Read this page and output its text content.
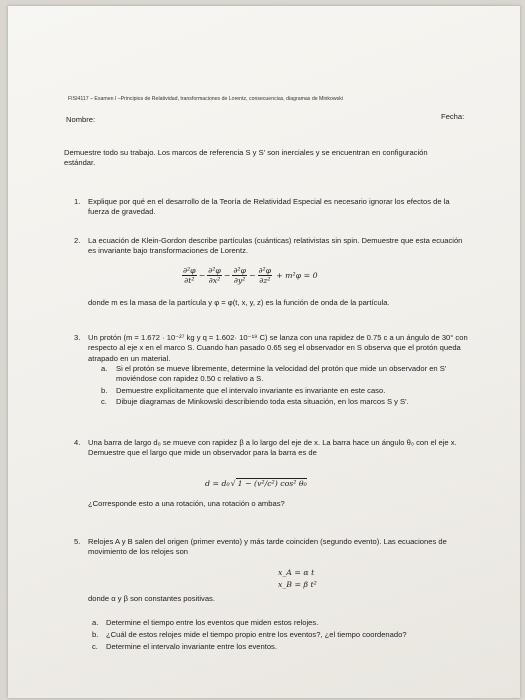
FISI4117 – Examen I –Principios de Relatividad, transformaciones de Lorentz, consecuencias, diagramas de Minkowski
Nombre:	Fecha:
Demuestre todo su trabajo. Los marcos de referencia S y S' son inerciales y se encuentran en configuración estándar.
1. Explique por qué en el desarrollo de la Teoría de Relatividad Especial es necesario ignorar los efectos de la fuerza de gravedad.
2. La ecuación de Klein-Gordon describe partículas (cuánticas) relativistas sin spin. Demuestre que esta ecuación es invariante bajo transformaciones de Lorentz.
$\frac{\text{∂²φ}}{\text{∂t²}} - \frac{\text{∂²φ}}{\text{∂x²}} - \frac{\text{∂²φ}}{\text{∂y²}} - \frac{\text{∂²φ}}{\text{∂z²}} + m^2\varphi = 0$
donde m es la masa de la partícula y φ = φ(t, x, y, z) es la función de onda de la partícula.
3. Un protón (m = 1.672 · 10⁻²⁷ kg y q = 1.602· 10⁻¹⁹ C) se lanza con una rapidez de 0.75 c a un ángulo de 30° con respecto al eje x en el marco S. Cuando han pasado 0.65 seg el observador en S observa que el protón queda atrapado en un material.
a. Si el protón se mueve libremente, determine la velocidad del protón que mide un observador en S' moviéndose con rapidez 0.50 c relativo a S.
b. Demuestre explícitamente que el intervalo invariante es invariante en este caso.
c. Dibuje diagramas de Minkowski describiendo toda esta situación, en los marcos S y S'.
4. Una barra de largo d₀ se mueve con rapidez β a lo largo del eje de x. La barra hace un ángulo θ₀ con el eje x. Demuestre que el largo que mide un observador para la barra es de
d = d₀ √ 1 − (v²/c²) cos² θ₀
¿Corresponde esto a una rotación, una rotación o ambas?
5. Relojes A y B salen del origen (primer evento) y más tarde coinciden (segundo evento). Las ecuaciones de movimiento de los relojes son
x_A = α t
x_B = β t²
donde α y β son constantes positivas.
a. Determine el tiempo entre los eventos que miden estos relojes.
b. ¿Cuál de estos relojes mide el tiempo propio entre los eventos?, ¿el tiempo coordenado?
c. Determine el intervalo invariante entre los eventos.
